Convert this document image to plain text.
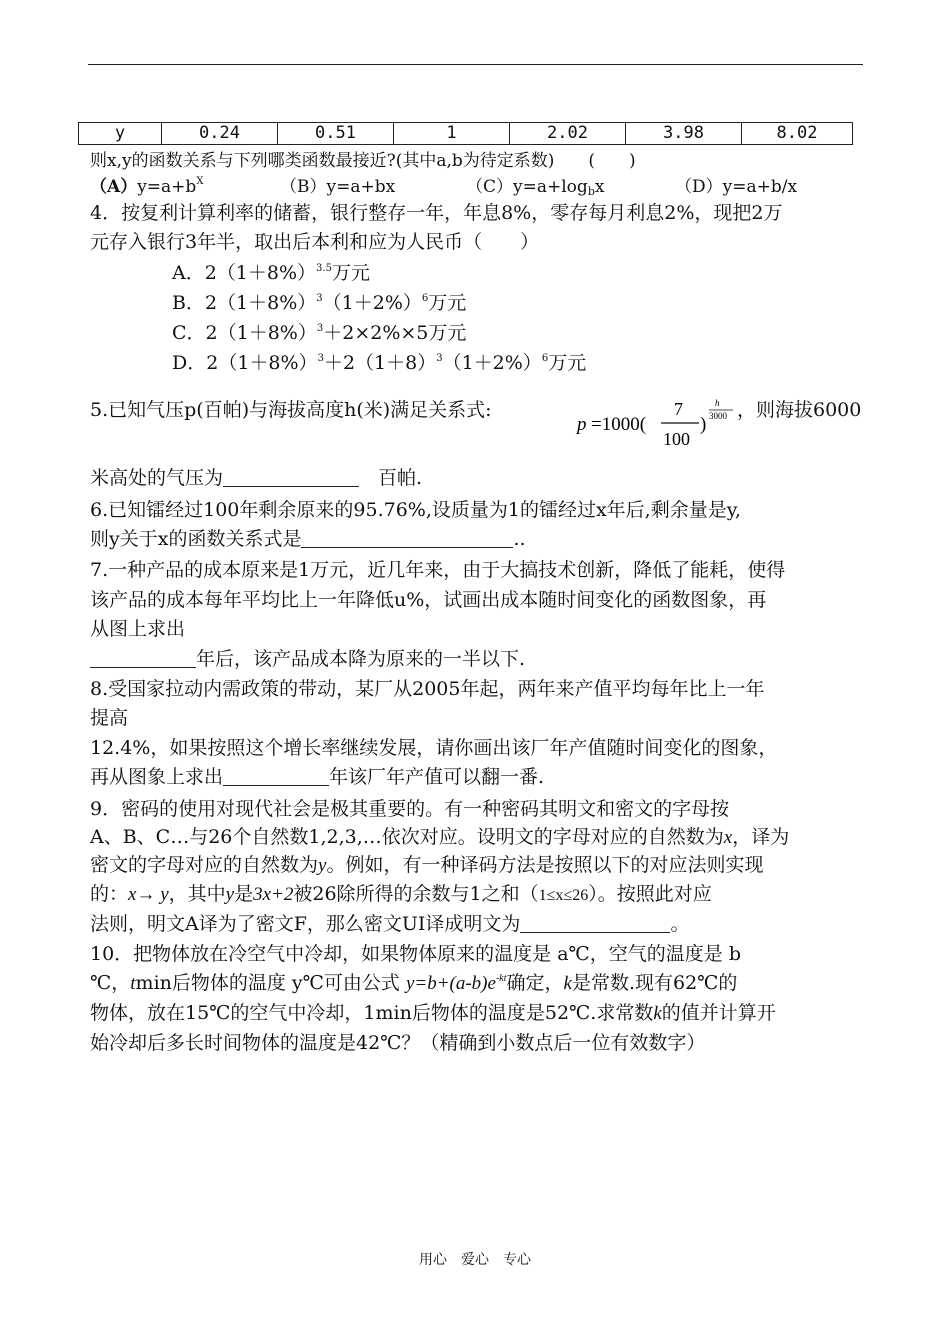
y	0.24	0.51	1	2.02	3.98	8.02
则x,y的函数关系与下列哪类函数最接近?(其中a,b为待定系数)　　(　　)
$(A)y=a+b^X$	（B）y=a+bx	$(C)y=a+\log_bx$	（D）y=a+b/x
4．按复利计算利率的储蓄，银行整存一年，年息8%，零存每月利息2%，现把2万
元存入银行3年半，取出后本利和应为人民币（　　）
A．$2(1+8\%)^{3.5}$万元
B．$2(1+8\%)^3(1+2\%)^6$万元
C．$2(1+8\%)^3+2\times 2\%\times 5$万元
D．$2(1+8\%)^3+2(1+8)^3(1+2\%)^6$万元
5.已知气压p(百帕)与海拔高度h(米)满足关系式:	，则海拔6000
p =1000(
7
100
)
h
3000
米高处的气压为　	百帕.
6.已知镭经过100年剩余原来的95.76%,设质量为1的镭经过x年后,剩余量是y,
则y关于x的函数关系式是	..
7.一种产品的成本原来是1万元，近几年来，由于大搞技术创新，降低了能耗，使得
该产品的成本每年平均比上一年降低u%，试画出成本随时间变化的函数图象，再
从图上求出
年后，该产品成本降为原来的一半以下.
8.受国家拉动内需政策的带动，某厂从2005年起，两年来产值平均每年比上一年
提高
12.4%，如果按照这个增长率继续发展，请你画出该厂年产值随时间变化的图象，
再从图象上求出	年该厂年产值可以翻一番.
9．密码的使用对现代社会是极其重要的。有一种密码其明文和密文的字母按
A、B、C…与26个自然数1,2,3,…依次对应。设明文的字母对应的自然数为x，译为
密文的字母对应的自然数为y。例如，有一种译码方法是按照以下的对应法则实现
的：x→ y，其中y是3x+2被26除所得的余数与1之和（1≤x≤26）。按照此对应
法则，明文A译为了密文F，那么密文UI译成明文为	。
10．把物体放在冷空气中冷却，如果物体原来的温度是 a℃，空气的温度是 b
℃，tmin后物体的温度 y℃可由公式 $y=b+(a-b)e^{-kt}$确定，k是常数.现有62℃的
物体，放在15℃的空气中冷却，1min后物体的温度是52℃.求常数k的值并计算开
始冷却后多长时间物体的温度是42℃？（精确到小数点后一位有效数字）
用心　爱心　专心
